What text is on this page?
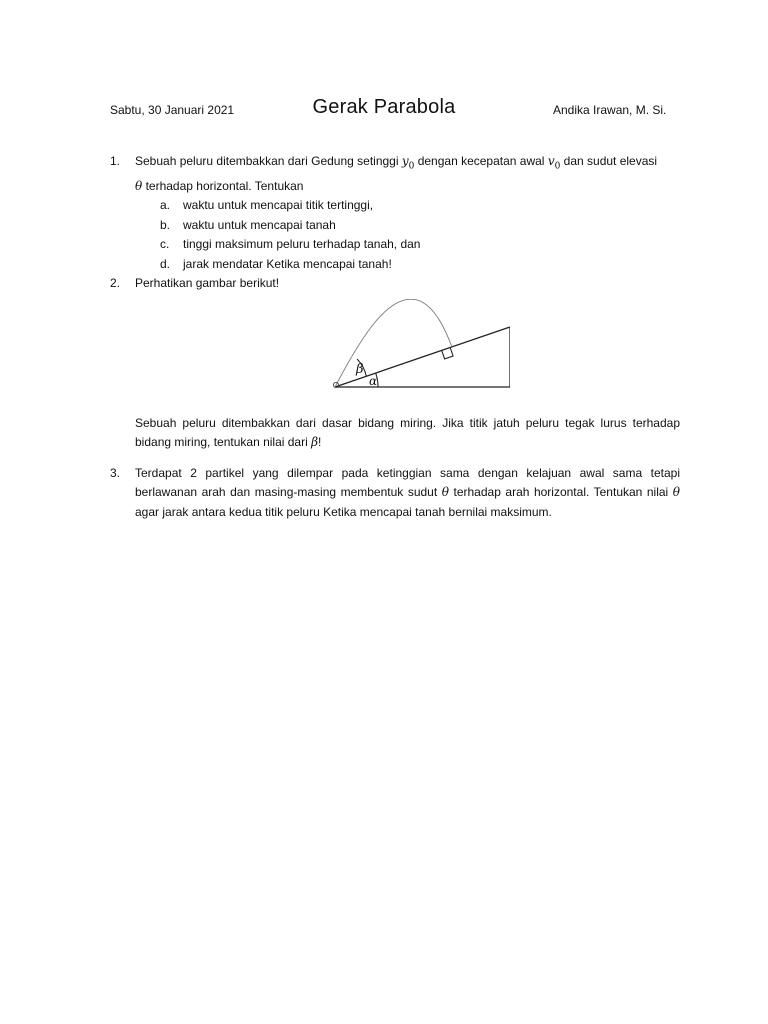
Sabtu, 30 Januari 2021	Gerak Parabola	Andika Irawan, M. Si.
1.	Sebuah peluru ditembakkan dari Gedung setinggi $y_0$ dengan kecepatan awal $v_0$ dan sudut elevasi
θ terhadap horizontal. Tentukan
a. waktu untuk mencapai titik tertinggi,
b. waktu untuk mencapai tanah
c. tinggi maksimum peluru terhadap tanah, dan
d. jarak mendatar Ketika mencapai tanah!
2.	Perhatikan gambar berikut!
β
α
Sebuah peluru ditembakkan dari dasar bidang miring. Jika titik jatuh peluru tegak lurus terhadap bidang miring, tentukan nilai dari β!
3.	Terdapat 2 partikel yang dilempar pada ketinggian sama dengan kelajuan awal sama tetapi berlawanan arah dan masing-masing membentuk sudut θ terhadap arah horizontal. Tentukan nilai θ agar jarak antara kedua titik peluru Ketika mencapai tanah bernilai maksimum.
